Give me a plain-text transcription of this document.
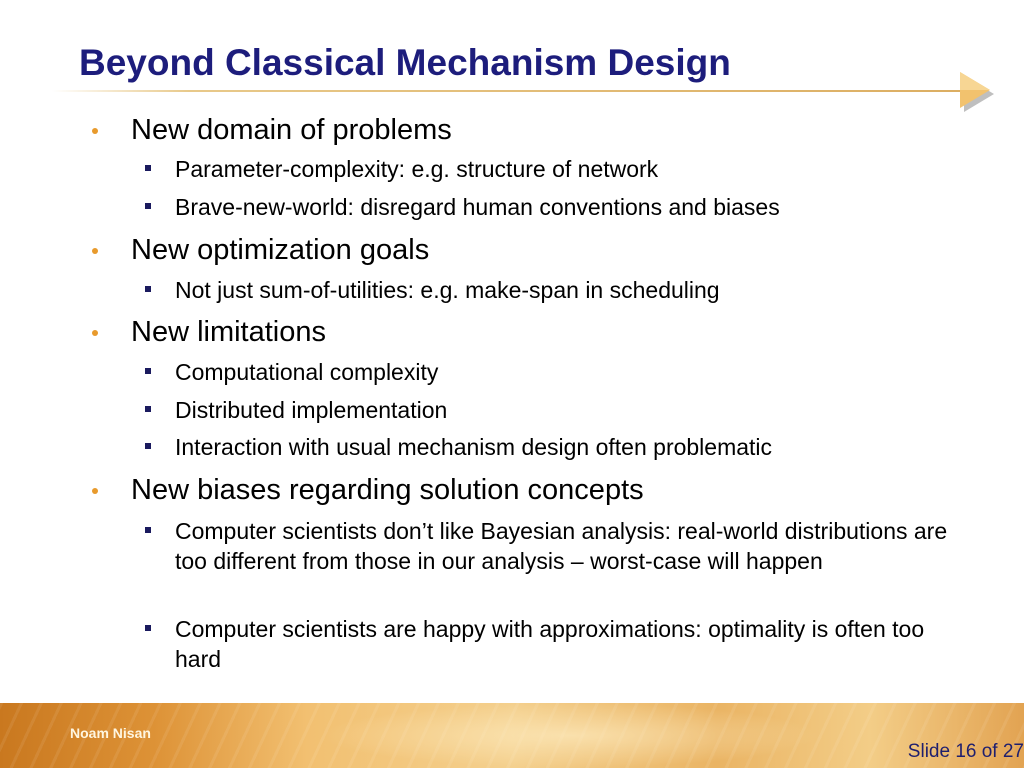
Beyond Classical Mechanism Design
New domain of problems
Parameter-complexity: e.g. structure of network
Brave-new-world: disregard human conventions and biases
New optimization goals
Not just sum-of-utilities: e.g. make-span in scheduling
New limitations
Computational complexity
Distributed implementation
Interaction with usual mechanism design often problematic
New biases regarding solution concepts
Computer scientists don’t like Bayesian analysis: real-world distributions are too different from those in our analysis – worst-case will happen
Computer scientists are happy with approximations: optimality is often too hard
Noam Nisan
Slide 16 of 27
